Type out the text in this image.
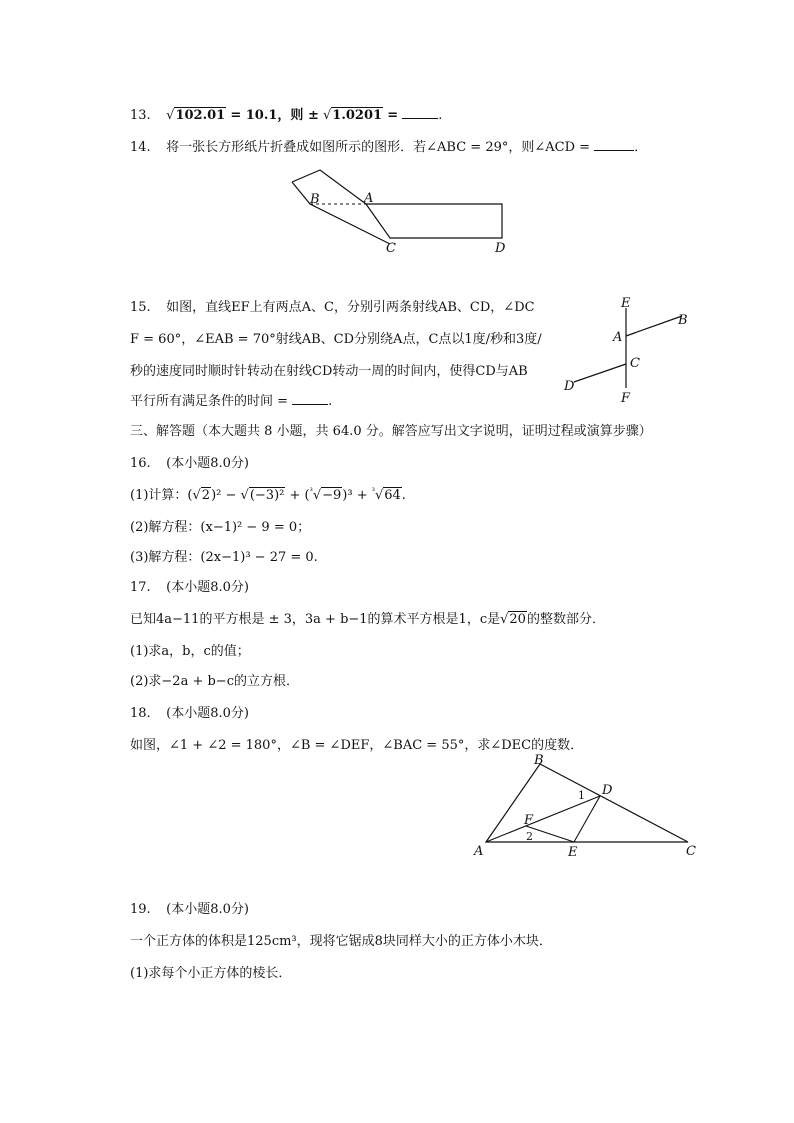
13. √102.01 = 10.1，则 ± √1.0201 =	.
14. 将一张长方形纸片折叠成如图所示的图形．若∠ABC = 29°，则∠ACD =	．
B	A
C	D
15. 如图，直线EF上有两点A、C，分别引两条射线AB、CD，∠DC
F = 60°，∠EAB = 70°射线AB、CD分别绕A点，C点以1度/秒和3度/
秒的速度同时顺时针转动在射线CD转动一周的时间内，使得CD与AB
平行所有满足条件的时间 =	.
E
B
A
C
D
F
三、解答题（本大题共 8 小题，共 64.0 分。解答应写出文字说明，证明过程或演算步骤）
16. (本小题8.0分)
(1)计算：(√2)² − √(−3)² + ($^{^3}$√−9)³ + $^{^3}$√64.
(2)解方程：(x−1)² − 9 = 0；
(3)解方程：(2x−1)³ − 27 = 0.
17. (本小题8.0分)
已知4a−11的平方根是 ± 3，3a + b−1的算术平方根是1，c是√20的整数部分．
(1)求a，b，c的值；
(2)求−2a + b−c的立方根．
18. (本小题8.0分)
如图，∠1 + ∠2 = 180°，∠B = ∠DEF，∠BAC = 55°，求∠DEC的度数．
B
D
F
A	E	C
1
2
19. (本小题8.0分)
一个正方体的体积是125cm³，现将它锯成8块同样大小的正方体小木块．
(1)求每个小正方体的棱长．
